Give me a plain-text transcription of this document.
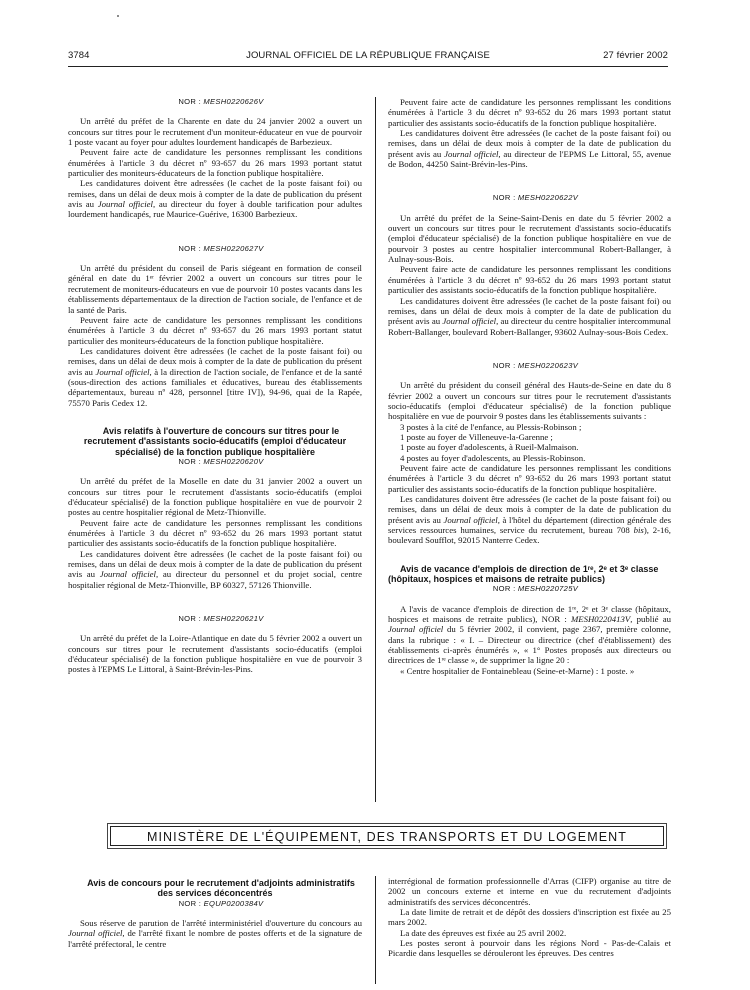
3784	JOURNAL OFFICIEL DE LA RÉPUBLIQUE FRANÇAISE	27 février 2002

NOR : MESH0220626V

Un arrêté du préfet de la Charente en date du 24 janvier 2002 a ouvert un concours sur titres pour le recrutement d'un moniteur-éducateur en vue de pourvoir 1 poste vacant au foyer pour adultes lourdement handicapés de Barbezieux.

Peuvent faire acte de candidature les personnes remplissant les conditions énumérées à l'article 3 du décret nº 93-657 du 26 mars 1993 portant statut particulier des moniteurs-éducateurs de la fonction publique hospitalière.

Les candidatures doivent être adressées (le cachet de la poste faisant foi) ou remises, dans un délai de deux mois à compter de la date de publication du présent avis au Journal officiel, au directeur du foyer à double tarification pour adultes lourdement handicapés, rue Maurice-Guérive, 16300 Barbezieux.

NOR : MESH0220627V

Un arrêté du président du conseil de Paris siégeant en formation de conseil général en date du 1ᵉʳ février 2002 a ouvert un concours sur titres pour le recrutement de moniteurs-éducateurs en vue de pourvoir 10 postes vacants dans les établissements départementaux de la direction de l'action sociale, de l'enfance et de la santé de Paris.

Peuvent faire acte de candidature les personnes remplissant les conditions énumérées à l'article 3 du décret nº 93-657 du 26 mars 1993 portant statut particulier des moniteurs-éducateurs de la fonction publique hospitalière.

Les candidatures doivent être adressées (le cachet de la poste faisant foi) ou remises, dans un délai de deux mois à compter de la date de publication du présent avis au Journal officiel, à la direction de l'action sociale, de l'enfance et de la santé (sous-direction des actions familiales et éducatives, bureau des établissements départementaux, bureau nº 428, personnel [titre IV]), 94-96, quai de la Rapée, 75570 Paris Cedex 12.

Avis relatifs à l'ouverture de concours sur titres pour le recrutement d'assistants socio-éducatifs (emploi d'éducateur spécialisé) de la fonction publique hospitalière

NOR : MESH0220620V

Un arrêté du préfet de la Moselle en date du 31 janvier 2002 a ouvert un concours sur titres pour le recrutement d'assistants socio-éducatifs (emploi d'éducateur spécialisé) de la fonction publique hospitalière en vue de pourvoir 2 postes au centre hospitalier régional de Metz-Thionville.

Peuvent faire acte de candidature les personnes remplissant les conditions énumérées à l'article 3 du décret nº 93-652 du 26 mars 1993 portant statut particulier des assistants socio-éducatifs de la fonction publique hospitalière.

Les candidatures doivent être adressées (le cachet de la poste faisant foi) ou remises, dans un délai de deux mois à compter de la date de publication du présent avis au Journal officiel, au directeur du personnel et du projet social, centre hospitalier régional de Metz-Thionville, BP 60327, 57126 Thionville.

NOR : MESH0220621V

Un arrêté du préfet de la Loire-Atlantique en date du 5 février 2002 a ouvert un concours sur titres pour le recrutement d'assistants socio-éducatifs (emploi d'éducateur spécialisé) de la fonction publique hospitalière en vue de pourvoir 3 postes à l'EPMS Le Littoral, à Saint-Brévin-les-Pins.

Peuvent faire acte de candidature les personnes remplissant les conditions énumérées à l'article 3 du décret nº 93-652 du 26 mars 1993 portant statut particulier des assistants socio-éducatifs de la fonction publique hospitalière.

Les candidatures doivent être adressées (le cachet de la poste faisant foi) ou remises, dans un délai de deux mois à compter de la date de publication du présent avis au Journal officiel, au directeur de l'EPMS Le Littoral, 55, avenue de Bodon, 44250 Saint-Brévin-les-Pins.

NOR : MESH0220622V

Un arrêté du préfet de la Seine-Saint-Denis en date du 5 février 2002 a ouvert un concours sur titres pour le recrutement d'assistants socio-éducatifs (emploi d'éducateur spécialisé) de la fonction publique hospitalière en vue de pourvoir 3 postes au centre hospitalier intercommunal Robert-Ballanger, à Aulnay-sous-Bois.

Peuvent faire acte de candidature les personnes remplissant les conditions énumérées à l'article 3 du décret nº 93-652 du 26 mars 1993 portant statut particulier des assistants socio-éducatifs de la fonction publique hospitalière.

Les candidatures doivent être adressées (le cachet de la poste faisant foi) ou remises, dans un délai de deux mois à compter de la date de publication du présent avis au Journal officiel, au directeur du centre hospitalier intercommunal Robert-Ballanger, boulevard Robert-Ballanger, 93602 Aulnay-sous-Bois Cedex.

NOR : MESH0220623V

Un arrêté du président du conseil général des Hauts-de-Seine en date du 8 février 2002 a ouvert un concours sur titres pour le recrutement d'assistants socio-éducatifs (emploi d'éducateur spécialisé) de la fonction publique hospitalière en vue de pourvoir 9 postes dans les établissements suivants :

3 postes à la cité de l'enfance, au Plessis-Robinson ;

1 poste au foyer de Villeneuve-la-Garenne ;

1 poste au foyer d'adolescents, à Rueil-Malmaison.

4 postes au foyer d'adolescents, au Plessis-Robinson.

Peuvent faire acte de candidature les personnes remplissant les conditions énumérées à l'article 3 du décret nº 93-652 du 26 mars 1993 portant statut particulier des assistants socio-éducatifs de la fonction publique hospitalière.

Les candidatures doivent être adressées (le cachet de la poste faisant foi) ou remises, dans un délai de deux mois à compter de la date de publication du présent avis au Journal officiel, à l'hôtel du département (direction générale des services ressources humaines, service du recrutement, bureau 708 bis), 2-16, boulevard Soufflot, 92015 Nanterre Cedex.

Avis de vacance d'emplois de direction de 1ʳᵉ, 2ᵉ et 3ᵉ classe (hôpitaux, hospices et maisons de retraite publics)

NOR : MESH0220725V

A l'avis de vacance d'emplois de direction de 1ʳᵉ, 2ᵉ et 3ᵉ classe (hôpitaux, hospices et maisons de retraite publics), NOR : MESH0220413V, publié au Journal officiel du 5 février 2002, il convient, page 2367, première colonne, dans la rubrique : « I. – Directeur ou directrice (chef d'établissement) des établissements ci-après énumérés », « 1° Postes proposés aux directeurs ou directrices de 1ʳᵉ classe », de supprimer la ligne 20 :

« Centre hospitalier de Fontainebleau (Seine-et-Marne) : 1 poste. »

MINISTÈRE DE L'ÉQUIPEMENT, DES TRANSPORTS ET DU LOGEMENT

Avis de concours pour le recrutement d'adjoints administratifs des services déconcentrés

NOR : EQUP0200384V

Sous réserve de parution de l'arrêté interministériel d'ouverture du concours au Journal officiel, de l'arrêté fixant le nombre de postes offerts et de la signature de l'arrêté préfectoral, le centre

interrégional de formation professionnelle d'Arras (CIFP) organise au titre de 2002 un concours externe et interne en vue du recrutement d'adjoints administratifs des services déconcentrés.

La date limite de retrait et de dépôt des dossiers d'inscription est fixée au 25 mars 2002.

La date des épreuves est fixée au 25 avril 2002.

Les postes seront à pourvoir dans les régions Nord - Pas-de-Calais et Picardie dans lesquelles se dérouleront les épreuves. Des centres
